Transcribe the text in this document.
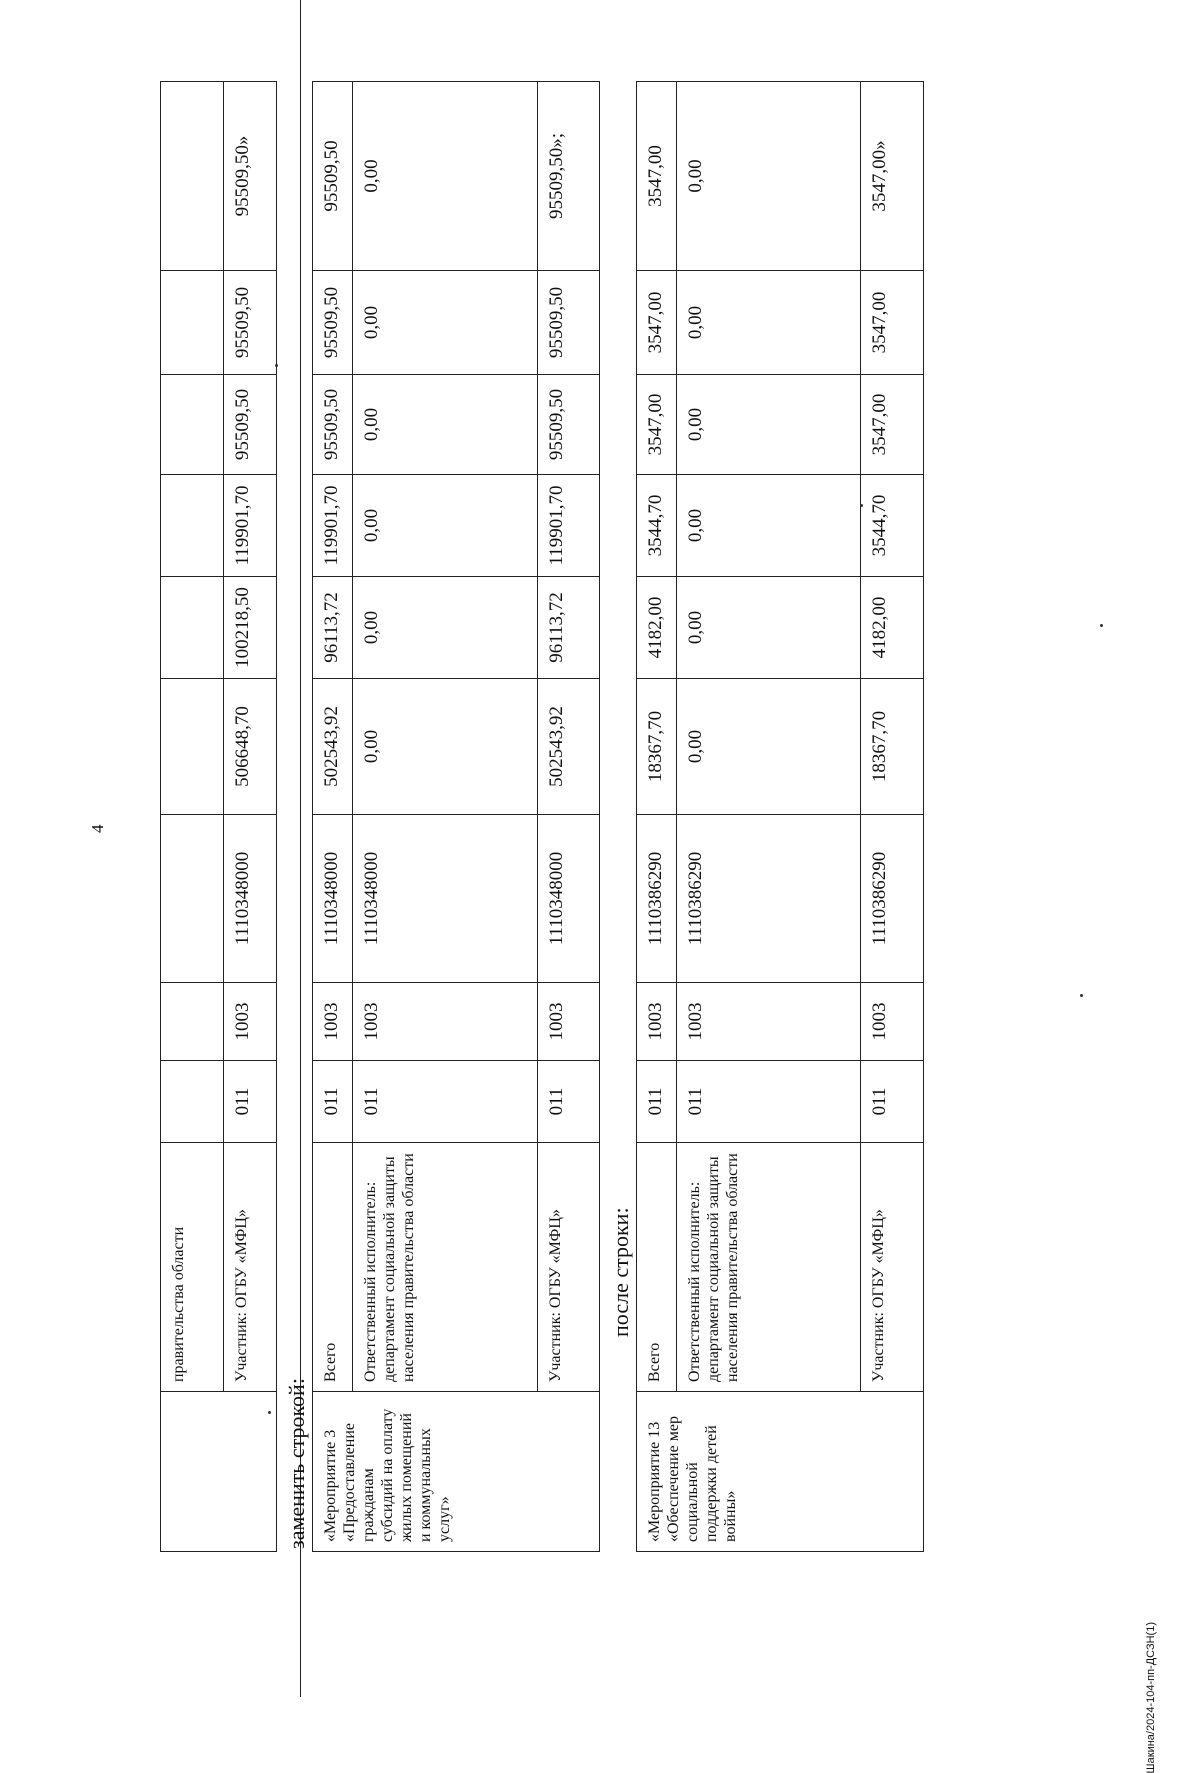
4
	правительства области									
	Участник: ОГБУ «МФЦ»	011	1003	1110348000	506648,70	100218,50	119901,70	95509,50	95509,50	95509,50»
заменить строкой: «Мероприятие 3 «Предоставление гражданам субсидий на оплату жилых помещений и коммунальных услуг»	Всего	011	1003	1110348000	502543,92	96113,72	119901,70	95509,50	95509,50	95509,50
	Ответственный исполнитель: департамент социальной защиты населения правительства области	011	1003	1110348000	0,00	0,00	0,00	0,00	0,00	0,00
	Участник: ОГБУ «МФЦ»	011	1003	1110348000	502543,92	96113,72	119901,70	95509,50	95509,50	95509,50»;
после строки:
«Мероприятие 13 «Обеспечение мер социальной поддержки детей войны»	Всего	011	1003	1110386290	18367,70	4182,00	3544,70	3547,00	3547,00	3547,00
	Ответственный исполнитель: департамент социальной защиты населения правительства области	011	1003	1110386290	0,00	0,00	0,00	0,00	0,00	0,00
	Участник: ОГБУ «МФЦ»	011	1003	1110386290	18367,70	4182,00	3544,70	3547,00	3547,00	3547,00»
Шакина/2024-104-пп-ДСЗН(1)
